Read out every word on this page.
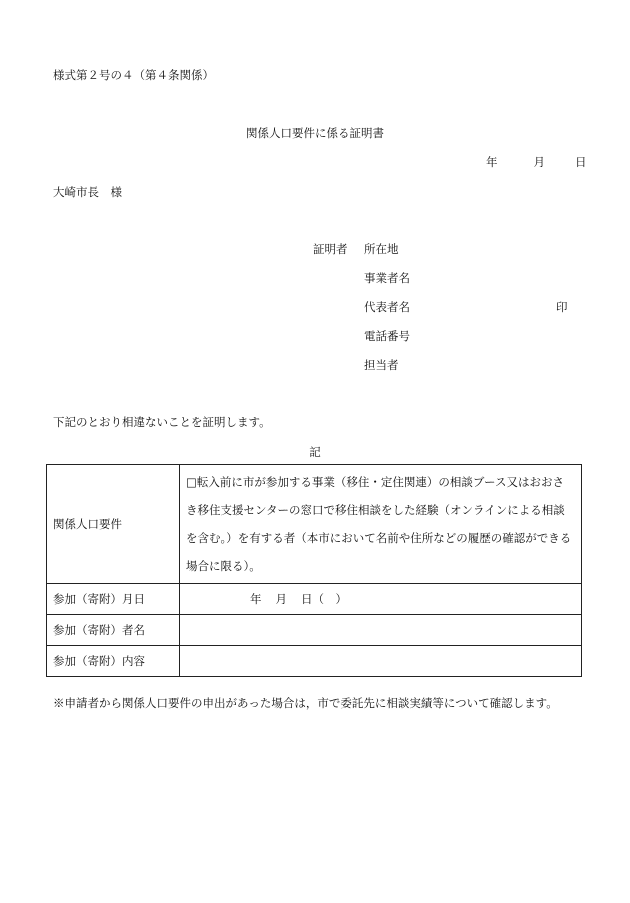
様式第２号の４（第４条関係）
関係人口要件に係る証明書
年	月	日
大崎市長　様
証明者 所在地
事業者名
代表者名	印
電話番号
担当者
下記のとおり相違ないことを証明します。
記
関係人口要件	□転入前に市が参加する事業（移住・定住関連）の相談ブース又はおおさき移住支援センターの窓口で移住相談をした経験（オンラインによる相談を含む。）を有する者（本市において名前や住所などの履歴の確認ができる場合に限る）。

参加（寄附）月日	年 月 日（　）
参加（寄附）者名	
参加（寄附）内容	
※申請者から関係人口要件の申出があった場合は，市で委託先に相談実績等について確認します。
